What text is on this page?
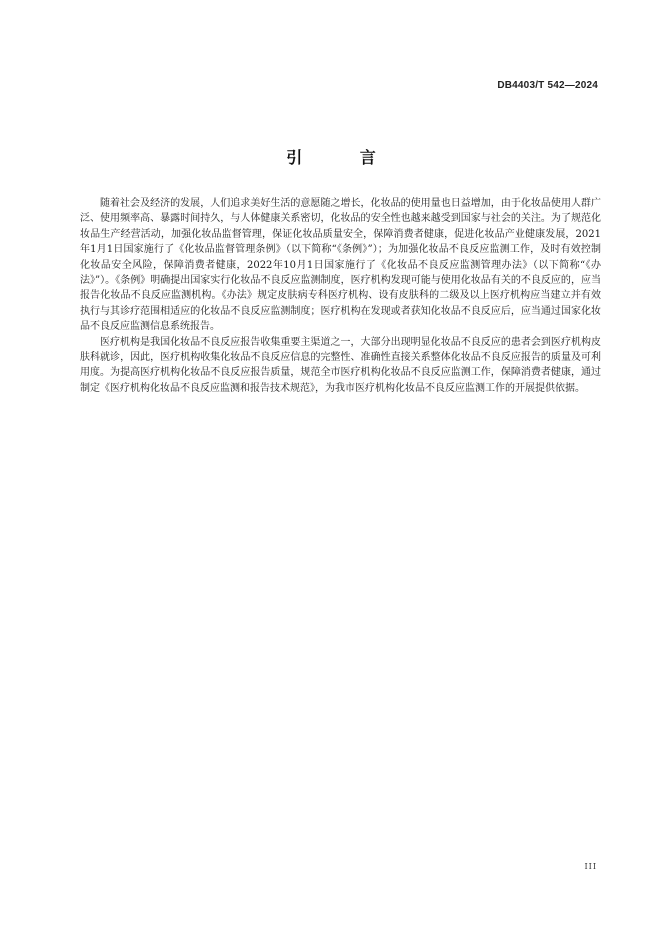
DB4403/T 542—2024

引 言

随着社会及经济的发展，人们追求美好生活的意愿随之增长，化妆品的使用量也日益增加，由于化妆品使用人群广泛、使用频率高、暴露时间持久，与人体健康关系密切，化妆品的安全性也越来越受到国家与社会的关注。为了规范化妆品生产经营活动，加强化妆品监督管理，保证化妆品质量安全，保障消费者健康，促进化妆品产业健康发展，2021年1月1日国家施行了《化妆品监督管理条例》（以下简称“《条例》”）；为加强化妆品不良反应监测工作，及时有效控制化妆品安全风险，保障消费者健康，2022年10月1日国家施行了《化妆品不良反应监测管理办法》（以下简称“《办法》”）。《条例》明确提出国家实行化妆品不良反应监测制度，医疗机构发现可能与使用化妆品有关的不良反应的，应当报告化妆品不良反应监测机构。《办法》规定皮肤病专科医疗机构、设有皮肤科的二级及以上医疗机构应当建立并有效执行与其诊疗范围相适应的化妆品不良反应监测制度；医疗机构在发现或者获知化妆品不良反应后，应当通过国家化妆品不良反应监测信息系统报告。

医疗机构是我国化妆品不良反应报告收集重要主渠道之一，大部分出现明显化妆品不良反应的患者会到医疗机构皮肤科就诊，因此，医疗机构收集化妆品不良反应信息的完整性、准确性直接关系整体化妆品不良反应报告的质量及可利用度。为提高医疗机构化妆品不良反应报告质量，规范全市医疗机构化妆品不良反应监测工作，保障消费者健康，通过制定《医疗机构化妆品不良反应监测和报告技术规范》，为我市医疗机构化妆品不良反应监测工作的开展提供依据。

III
